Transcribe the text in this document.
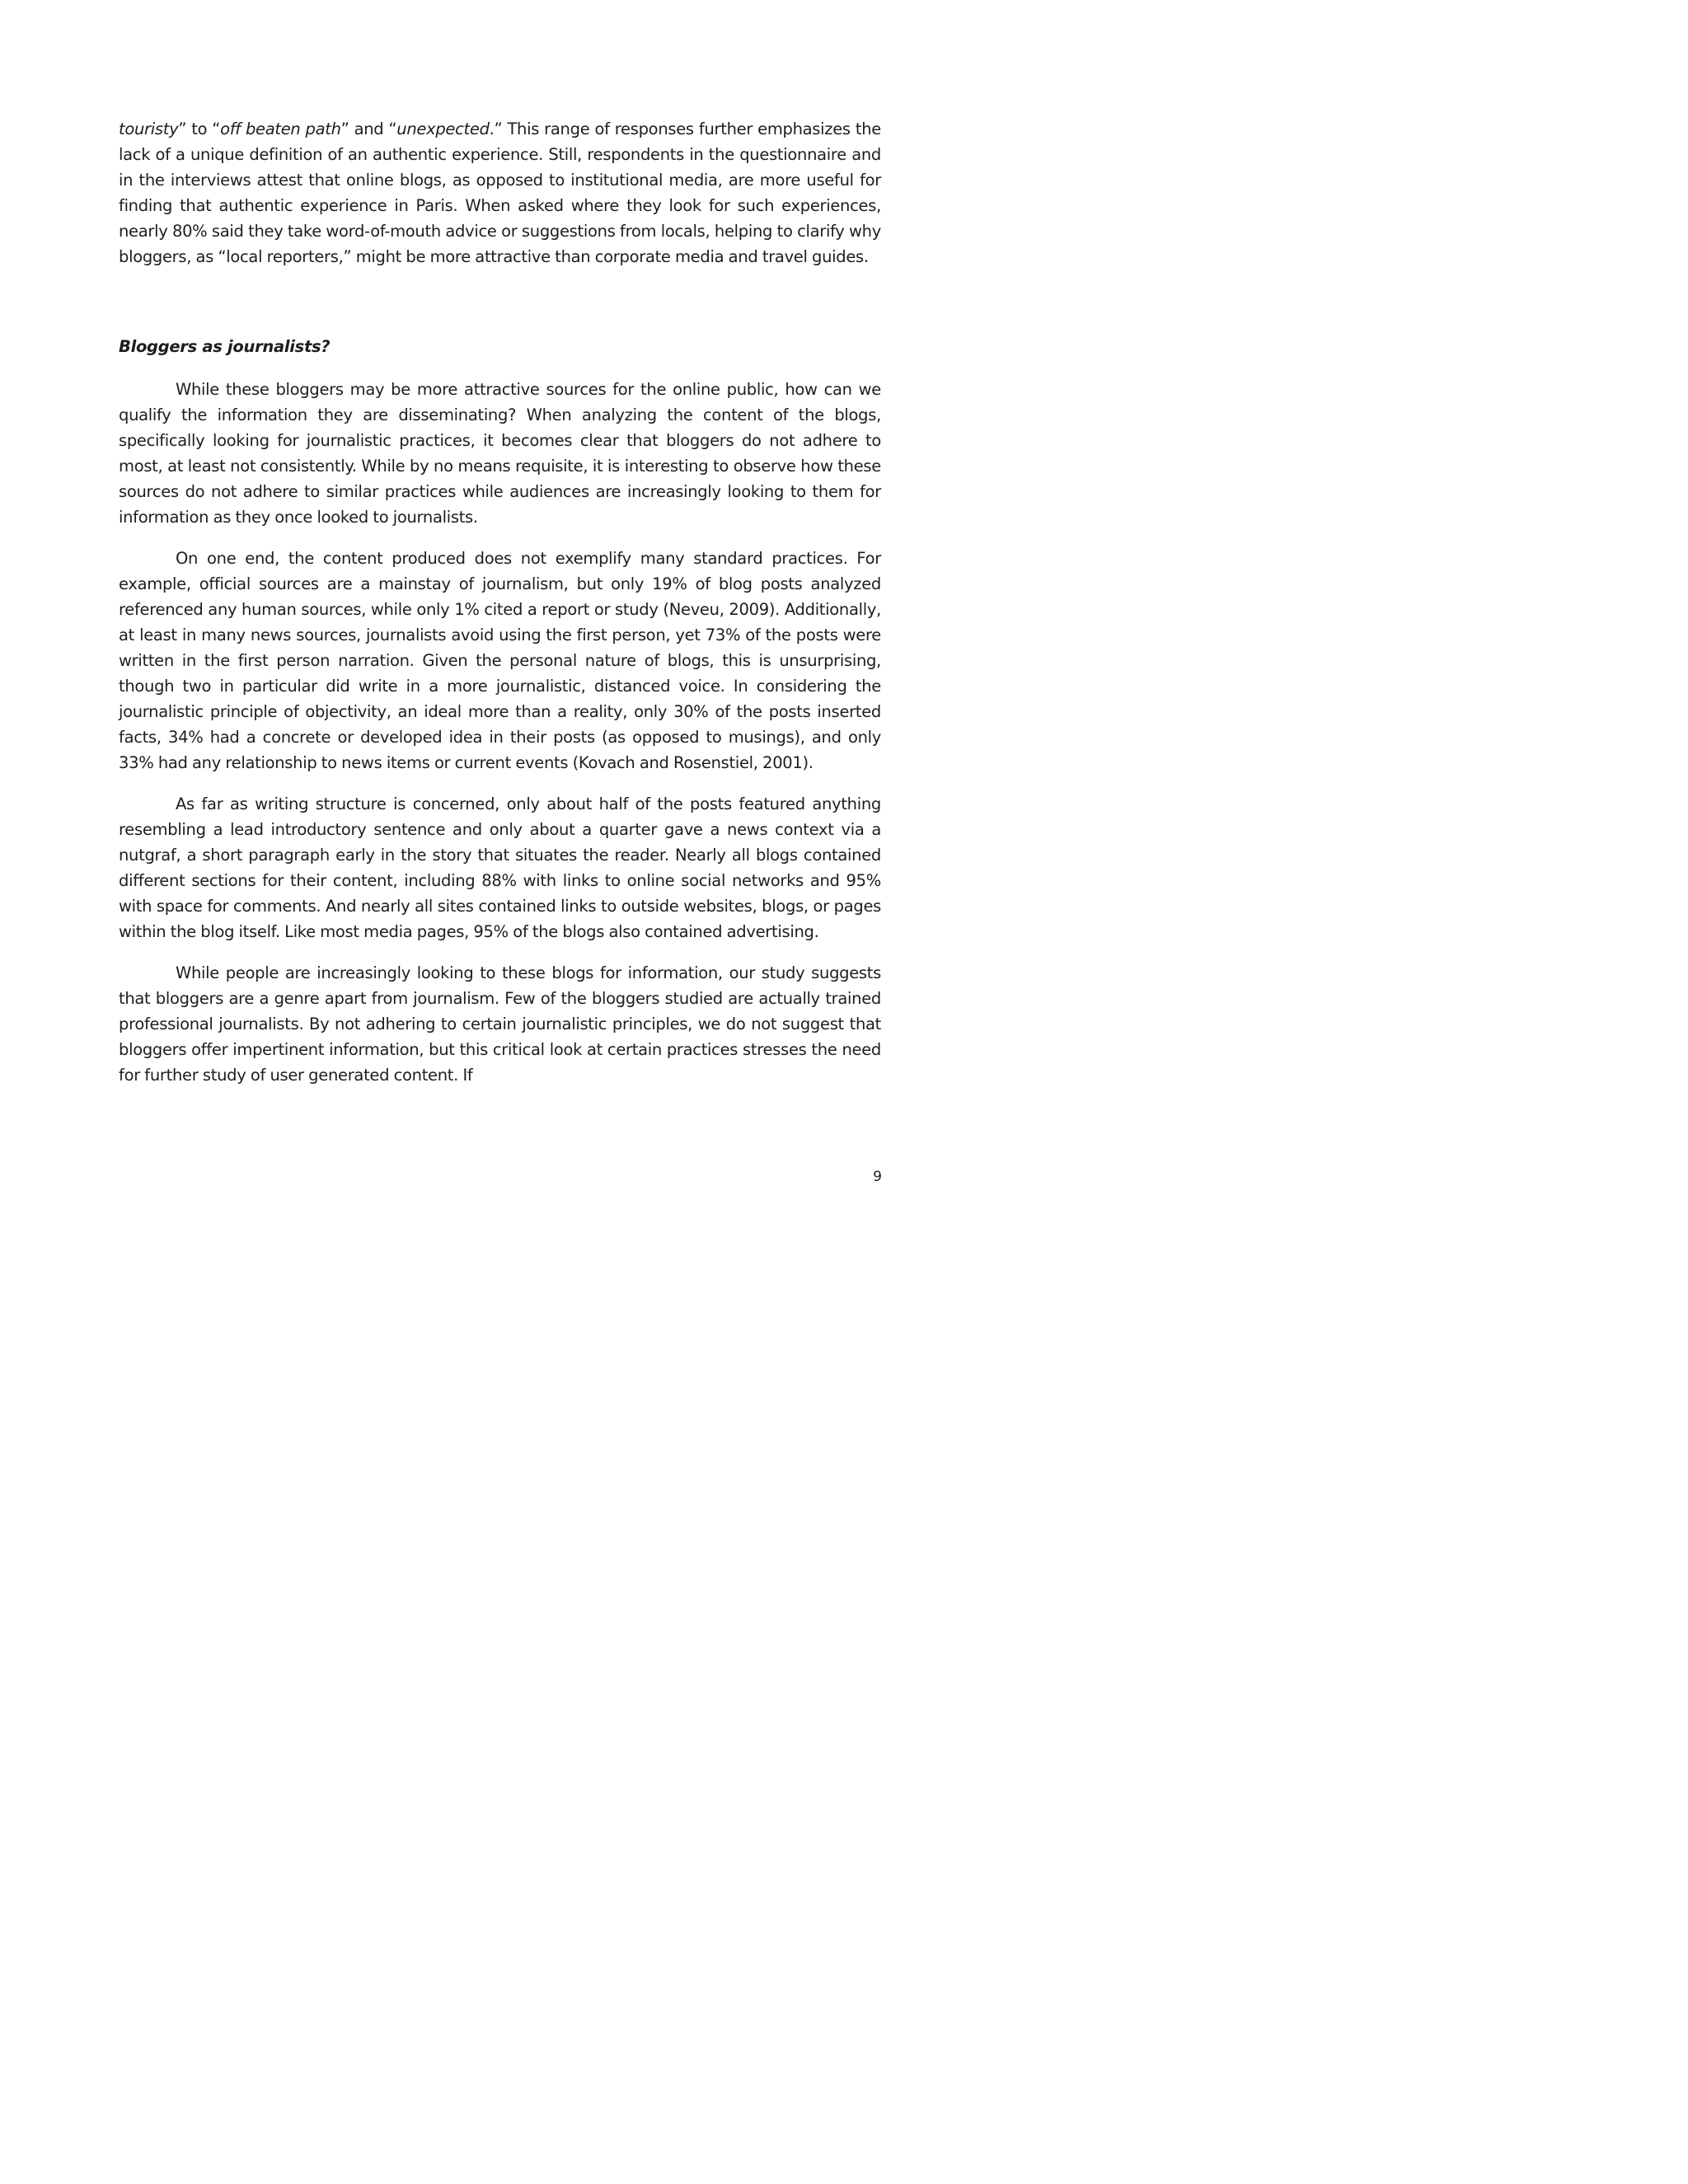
touristy” to “off beaten path” and “unexpected.” This range of responses further emphasizes the lack of a unique definition of an authentic experience. Still, respondents in the questionnaire and in the interviews attest that online blogs, as opposed to institutional media, are more useful for finding that authentic experience in Paris. When asked where they look for such experiences, nearly 80% said they take word-of-mouth advice or suggestions from locals, helping to clarify why bloggers, as “local reporters,” might be more attractive than corporate media and travel guides.

Bloggers as journalists?

While these bloggers may be more attractive sources for the online public, how can we qualify the information they are disseminating? When analyzing the content of the blogs, specifically looking for journalistic practices, it becomes clear that bloggers do not adhere to most, at least not consistently. While by no means requisite, it is interesting to observe how these sources do not adhere to similar practices while audiences are increasingly looking to them for information as they once looked to journalists.

On one end, the content produced does not exemplify many standard practices. For example, official sources are a mainstay of journalism, but only 19% of blog posts analyzed referenced any human sources, while only 1% cited a report or study (Neveu, 2009). Additionally, at least in many news sources, journalists avoid using the first person, yet 73% of the posts were written in the first person narration. Given the personal nature of blogs, this is unsurprising, though two in particular did write in a more journalistic, distanced voice. In considering the journalistic principle of objectivity, an ideal more than a reality, only 30% of the posts inserted facts, 34% had a concrete or developed idea in their posts (as opposed to musings), and only 33% had any relationship to news items or current events (Kovach and Rosenstiel, 2001).

As far as writing structure is concerned, only about half of the posts featured anything resembling a lead introductory sentence and only about a quarter gave a news context via a nutgraf, a short paragraph early in the story that situates the reader. Nearly all blogs contained different sections for their content, including 88% with links to online social networks and 95% with space for comments. And nearly all sites contained links to outside websites, blogs, or pages within the blog itself. Like most media pages, 95% of the blogs also contained advertising.

While people are increasingly looking to these blogs for information, our study suggests that bloggers are a genre apart from journalism. Few of the bloggers studied are actually trained professional journalists. By not adhering to certain journalistic principles, we do not suggest that bloggers offer impertinent information, but this critical look at certain practices stresses the need for further study of user generated content. If

9
